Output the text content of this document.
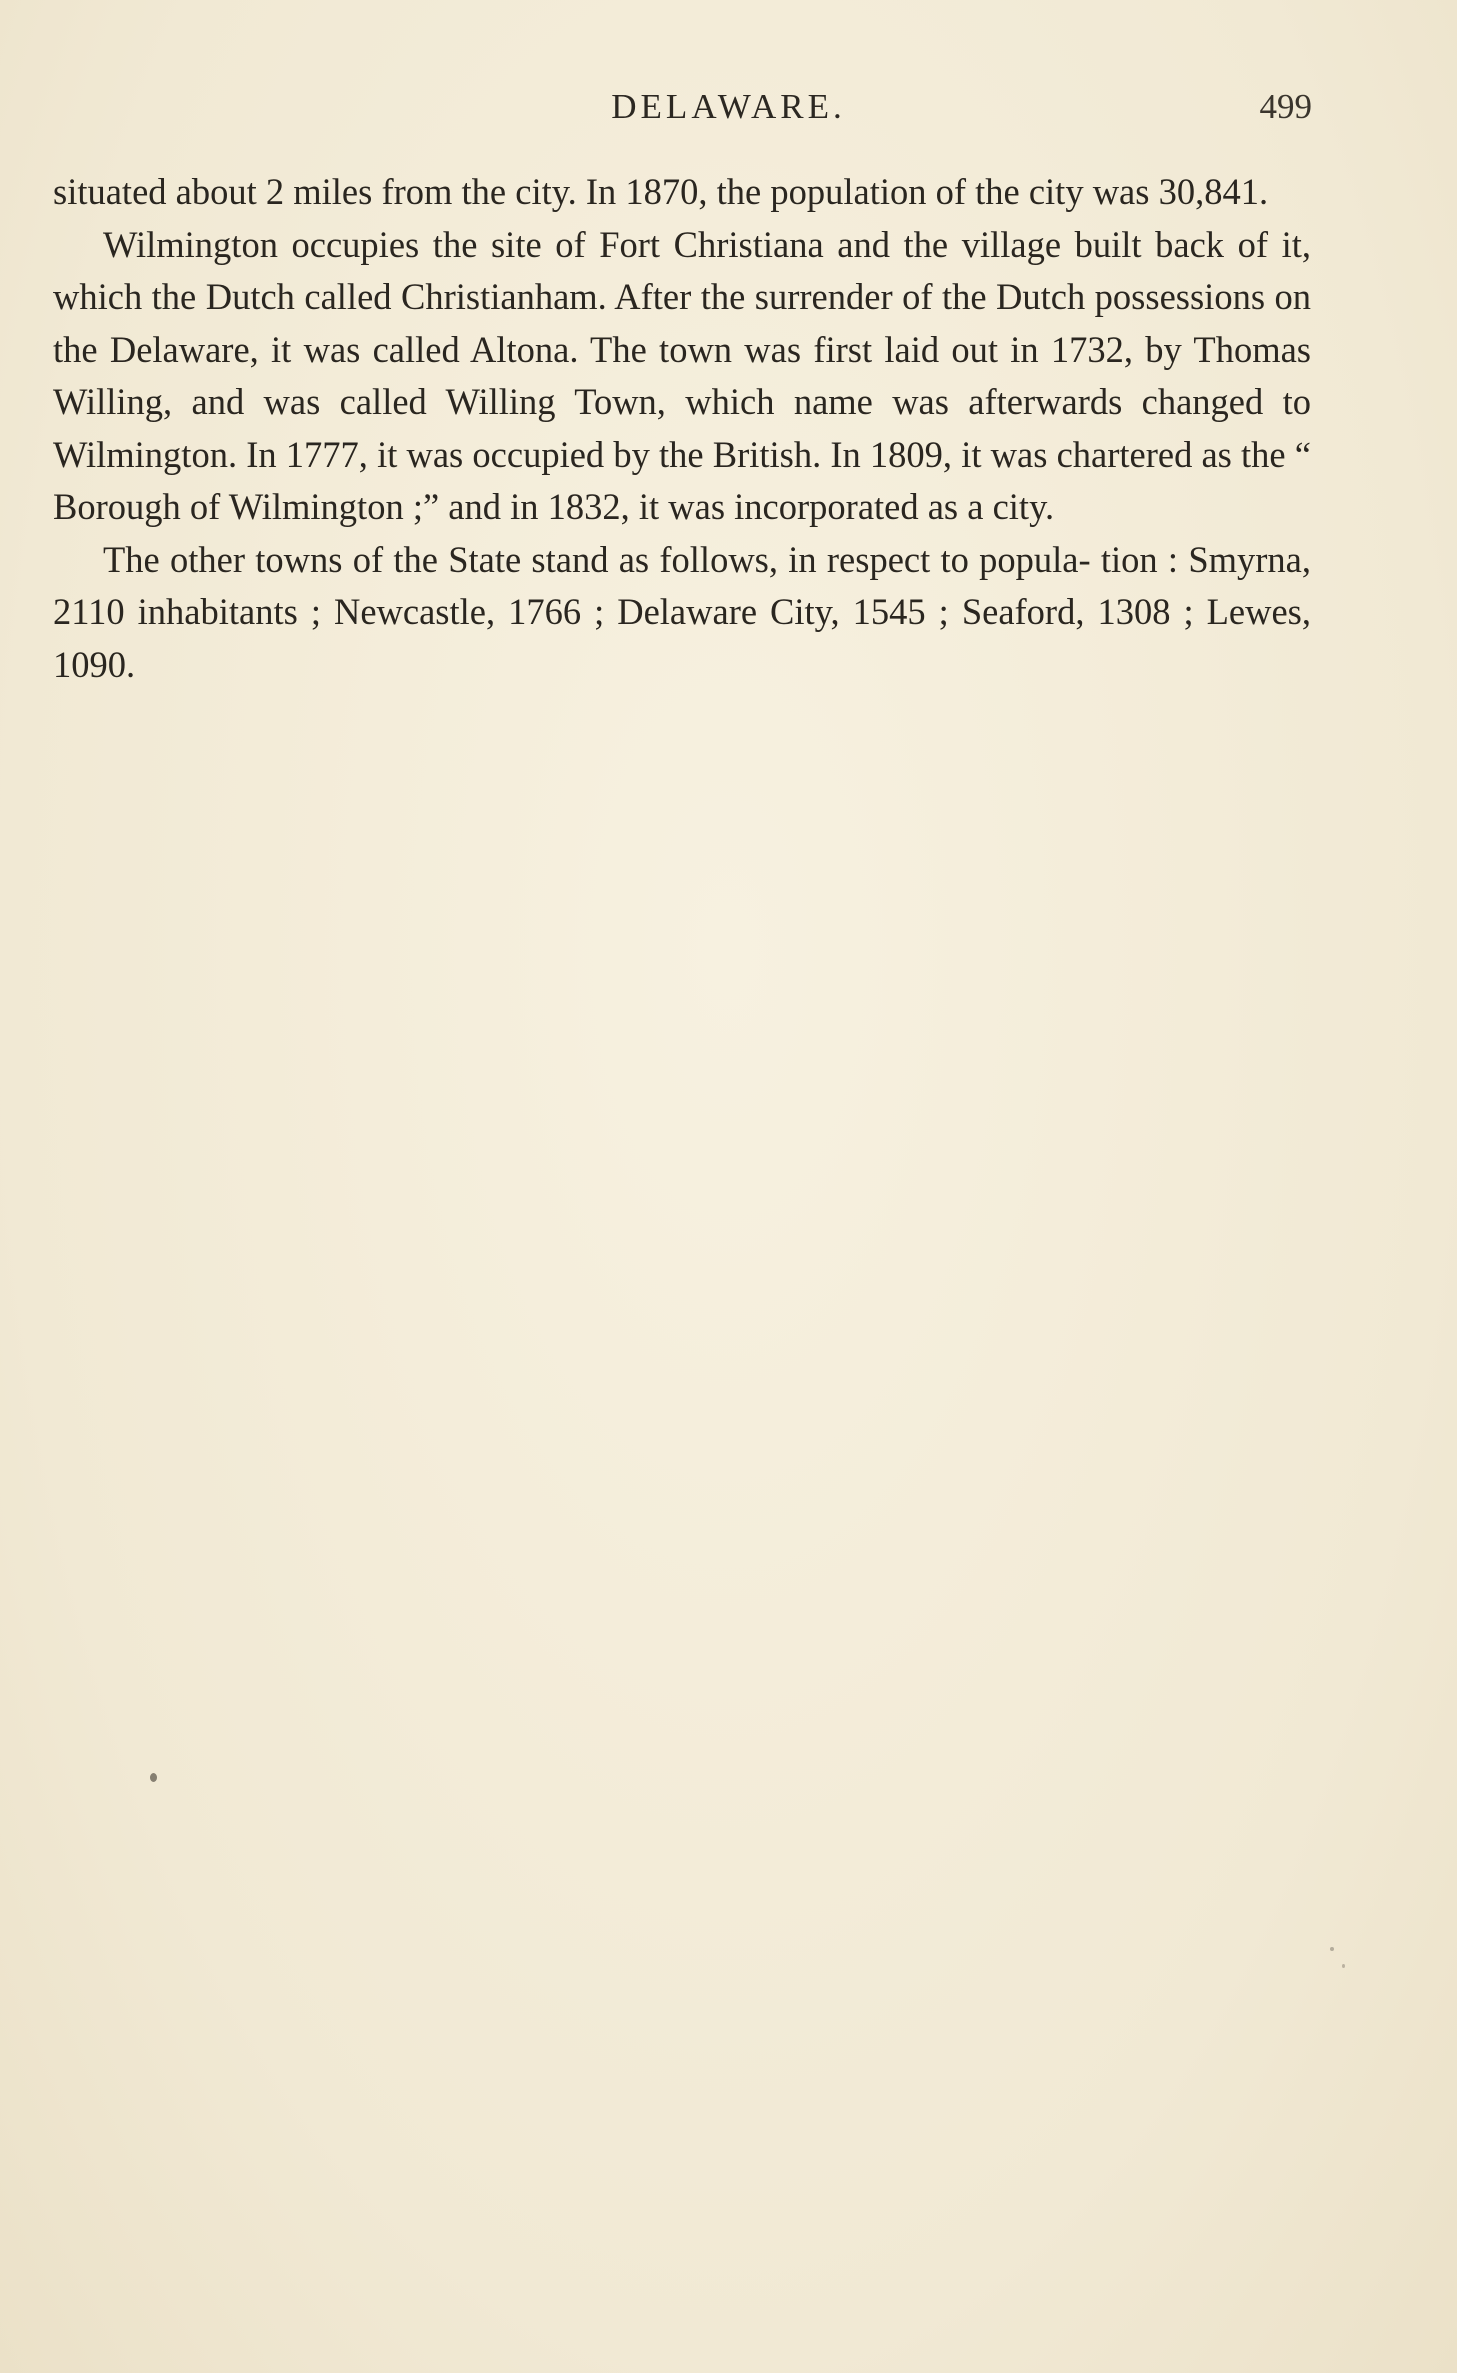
DELAWARE.	499

situated about 2 miles from the city. In 1870, the population of the city was 30,841.

Wilmington occupies the site of Fort Christiana and the village built back of it, which the Dutch called Christianham. After the surrender of the Dutch possessions on the Delaware, it was called Altona. The town was first laid out in 1732, by Thomas Willing, and was called Willing Town, which name was afterwards changed to Wilmington. In 1777, it was occupied by the British. In 1809, it was chartered as the “ Borough of Wilmington ;” and in 1832, it was incorporated as a city.

The other towns of the State stand as follows, in respect to popula- tion : Smyrna, 2110 inhabitants ; Newcastle, 1766 ; Delaware City, 1545 ; Seaford, 1308 ; Lewes, 1090.
